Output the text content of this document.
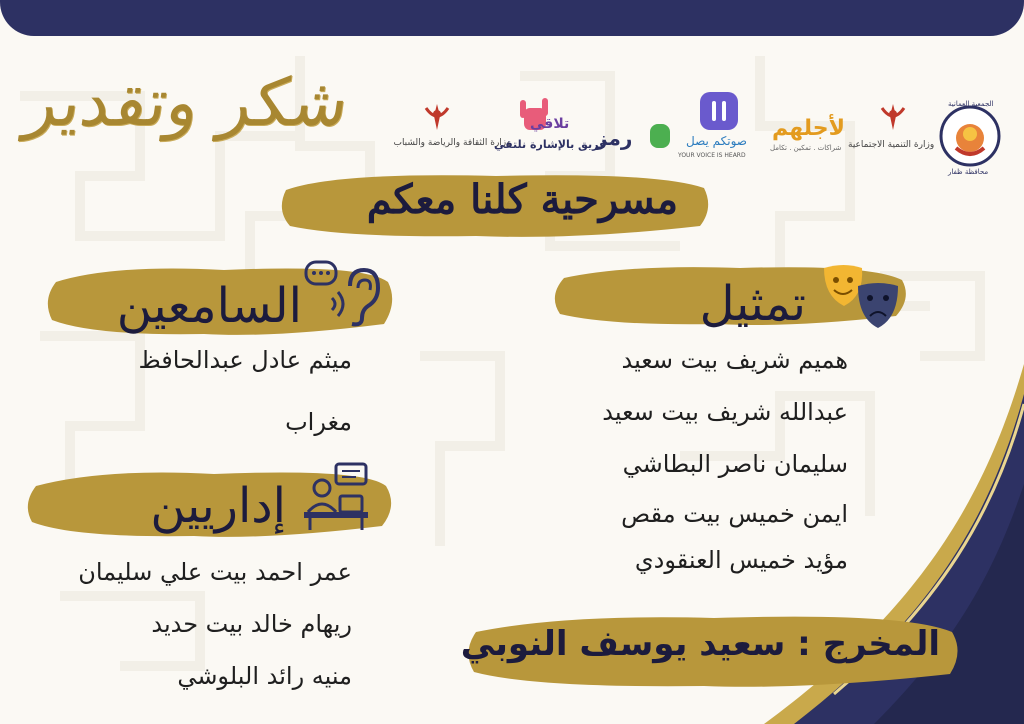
شكر وتقدير
وزارة الثقافة والرياضة والشباب
تلاقي
فريق بالإشارة نلتقي
رمز	صوتكم يصل
YOUR VOICE IS HEARD
لأجلهم
شراكات . تمكين . تكامل وزارة التنمية الاجتماعية
الجمعية العمانية
محافظة ظفار
مسرحية كلنا معكم
تمثيل
هميم شريف بيت سعيد
عبدالله شريف بيت سعيد
سليمان ناصر البطاشي
ايمن خميس بيت مقص
مؤيد خميس العنقودي
السامعين
ميثم عادل عبدالحافظ
مغراب
إداريين
عمر احمد بيت علي سليمان
ريهام خالد بيت حديد
منيه رائد البلوشي
المخرج : سعيد يوسف النوبي
